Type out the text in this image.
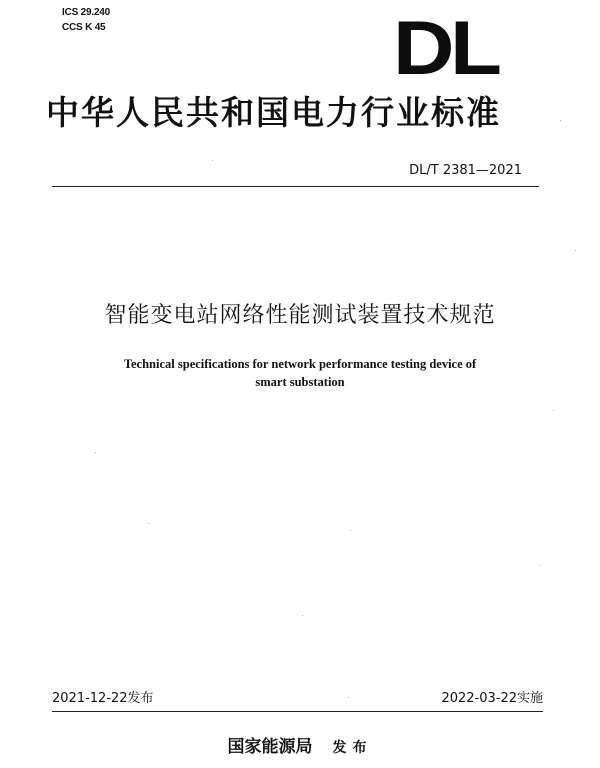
ICS 29.240
CCS K 45	DL
中华人民共和国电力行业标准
DL/T 2381—2021
智能变电站网络性能测试装置技术规范
Technical specifications for network performance testing device of
smart substation
2021-12-22发布	2022-03-22实施
国家能源局 发布
